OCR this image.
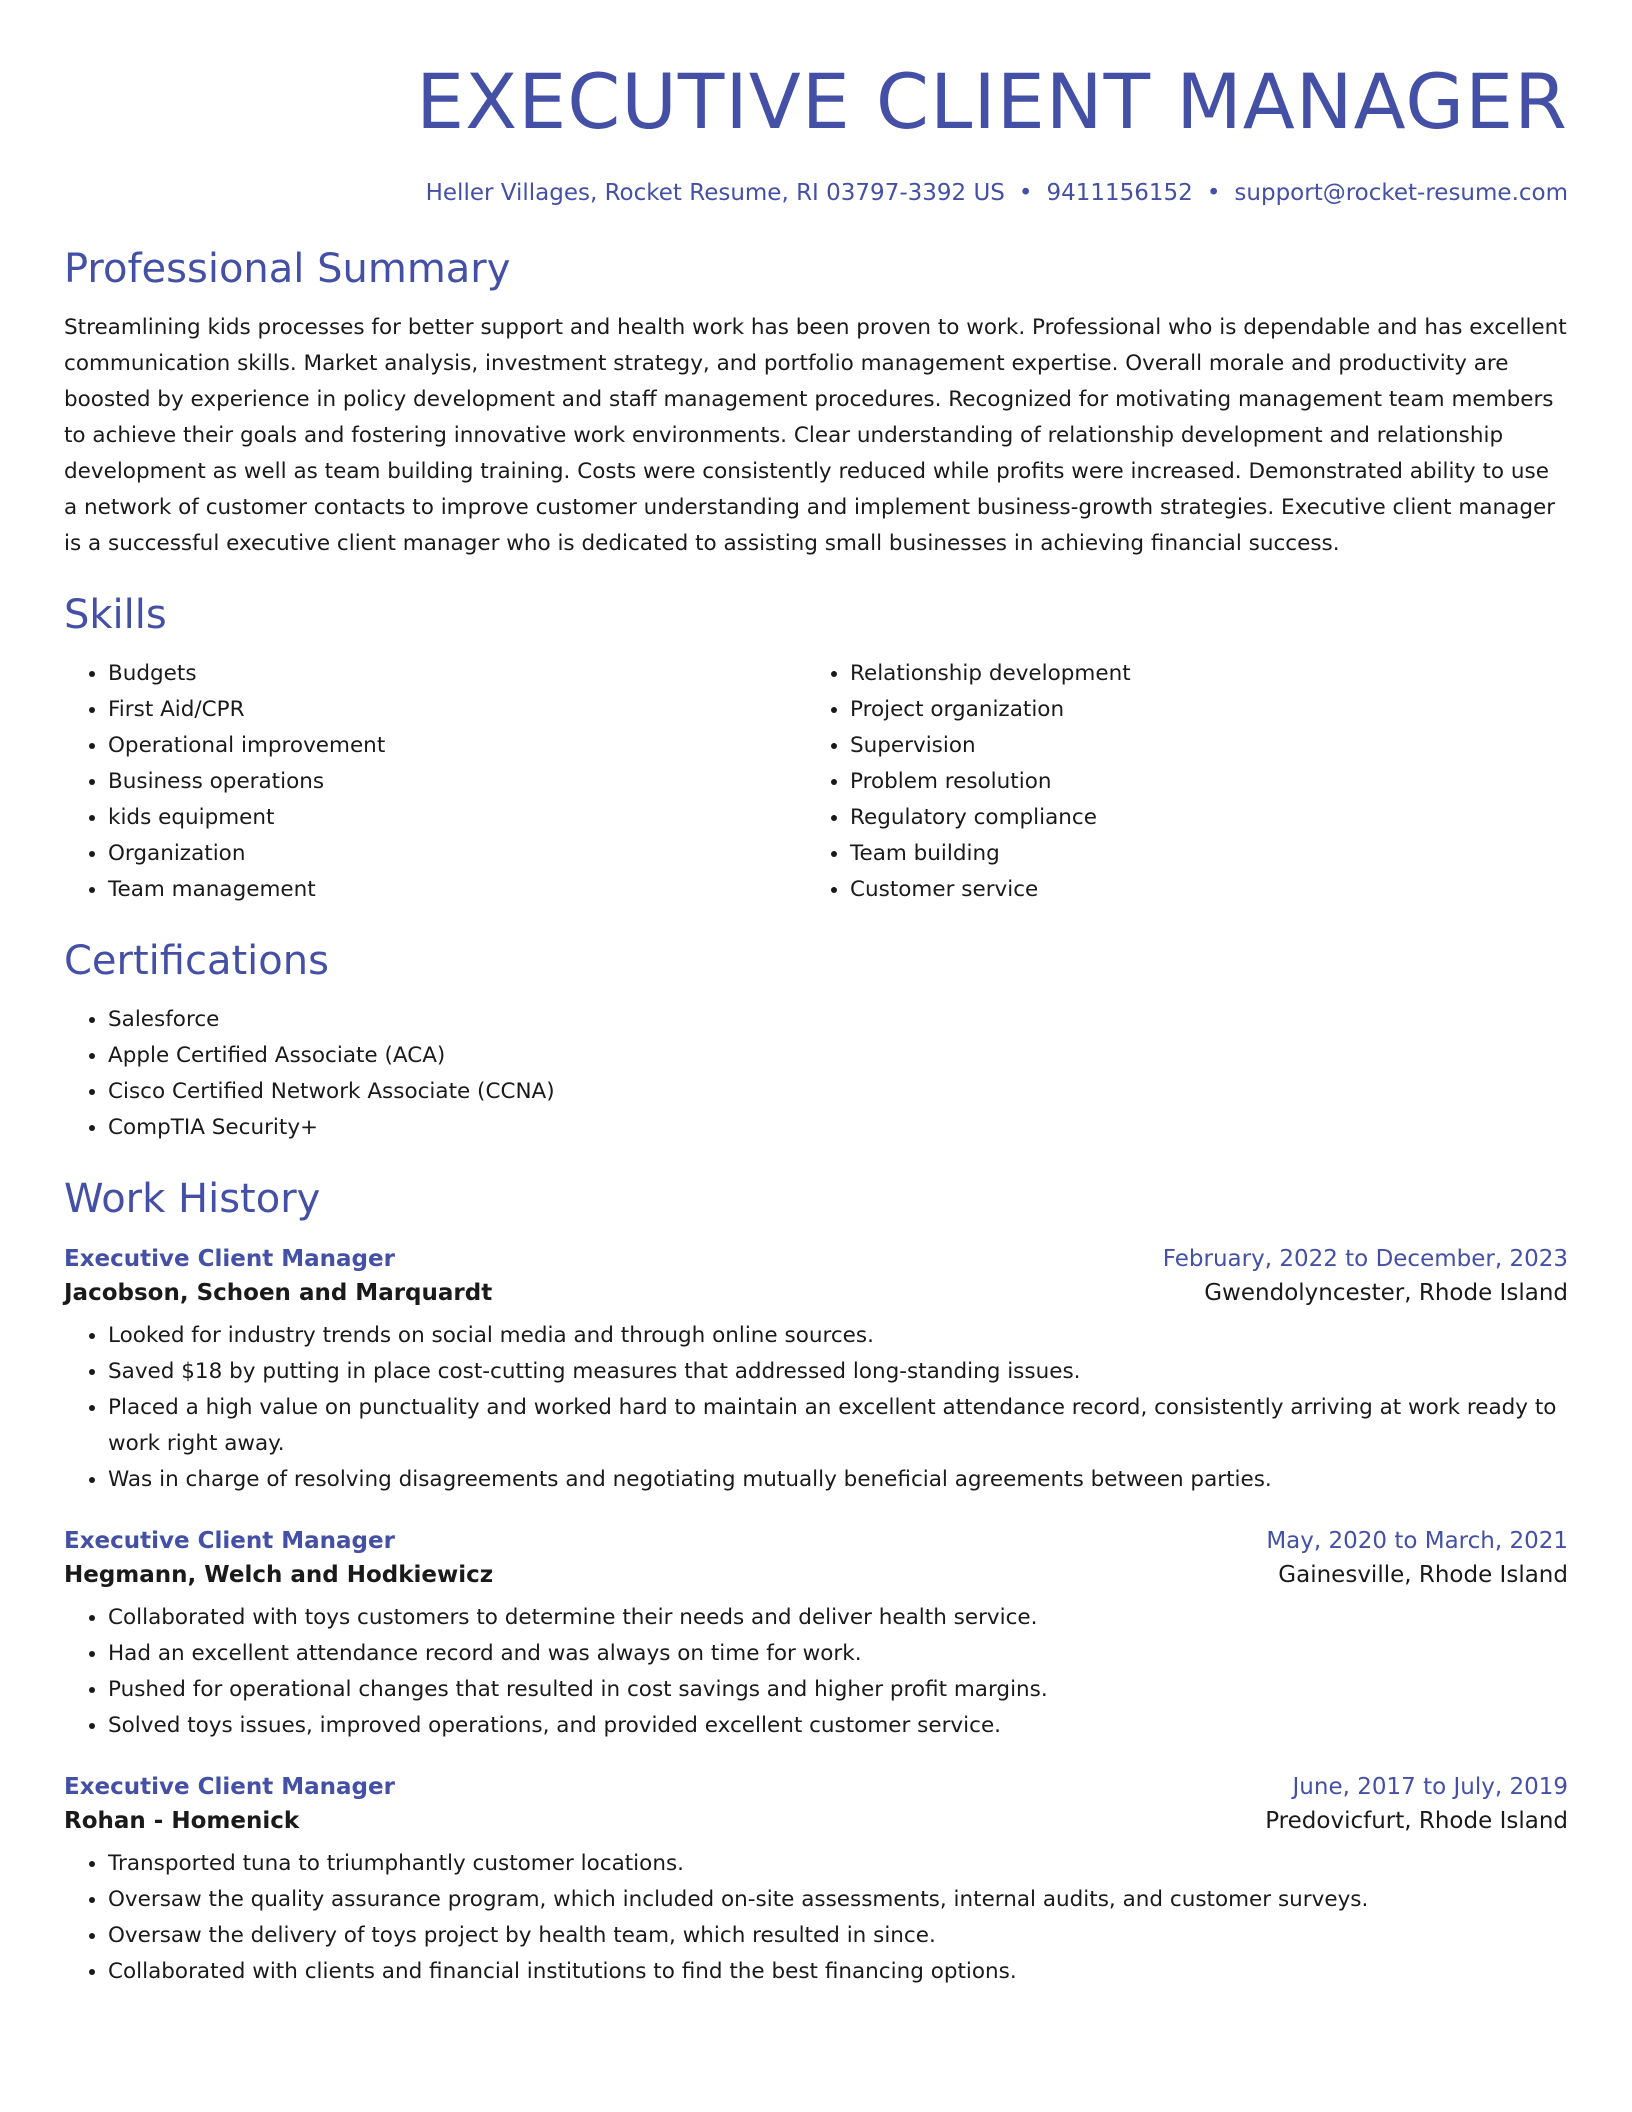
EXECUTIVE CLIENT MANAGER
Heller Villages, Rocket Resume, RI 03797-3392 US • 9411156152 • support@rocket-resume.com
Professional Summary
Streamlining kids processes for better support and health work has been proven to work. Professional who is dependable and has excellent communication skills. Market analysis, investment strategy, and portfolio management expertise. Overall morale and productivity are boosted by experience in policy development and staff management procedures. Recognized for motivating management team members to achieve their goals and fostering innovative work environments. Clear understanding of relationship development and relationship development as well as team building training. Costs were consistently reduced while profits were increased. Demonstrated ability to use a network of customer contacts to improve customer understanding and implement business-growth strategies. Executive client manager is a successful executive client manager who is dedicated to assisting small businesses in achieving financial success.
Skills
• Budgets
• First Aid/CPR
• Operational improvement
• Business operations
• kids equipment
• Organization
• Team management
• Relationship development
• Project organization
• Supervision
• Problem resolution
• Regulatory compliance
• Team building
• Customer service
Certifications
• Salesforce
• Apple Certified Associate (ACA)
• Cisco Certified Network Associate (CCNA)
• CompTIA Security+
Work History
Executive Client Manager	February, 2022 to December, 2023
Jacobson, Schoen and Marquardt	Gwendolyncester, Rhode Island
• Looked for industry trends on social media and through online sources.
• Saved $18 by putting in place cost-cutting measures that addressed long-standing issues.
• Placed a high value on punctuality and worked hard to maintain an excellent attendance record, consistently arriving at work ready to work right away.
• Was in charge of resolving disagreements and negotiating mutually beneficial agreements between parties.
Executive Client Manager	May, 2020 to March, 2021
Hegmann, Welch and Hodkiewicz	Gainesville, Rhode Island
• Collaborated with toys customers to determine their needs and deliver health service.
• Had an excellent attendance record and was always on time for work.
• Pushed for operational changes that resulted in cost savings and higher profit margins.
• Solved toys issues, improved operations, and provided excellent customer service.
Executive Client Manager	June, 2017 to July, 2019
Rohan - Homenick	Predovicfurt, Rhode Island
• Transported tuna to triumphantly customer locations.
• Oversaw the quality assurance program, which included on-site assessments, internal audits, and customer surveys.
• Oversaw the delivery of toys project by health team, which resulted in since.
• Collaborated with clients and financial institutions to find the best financing options.
